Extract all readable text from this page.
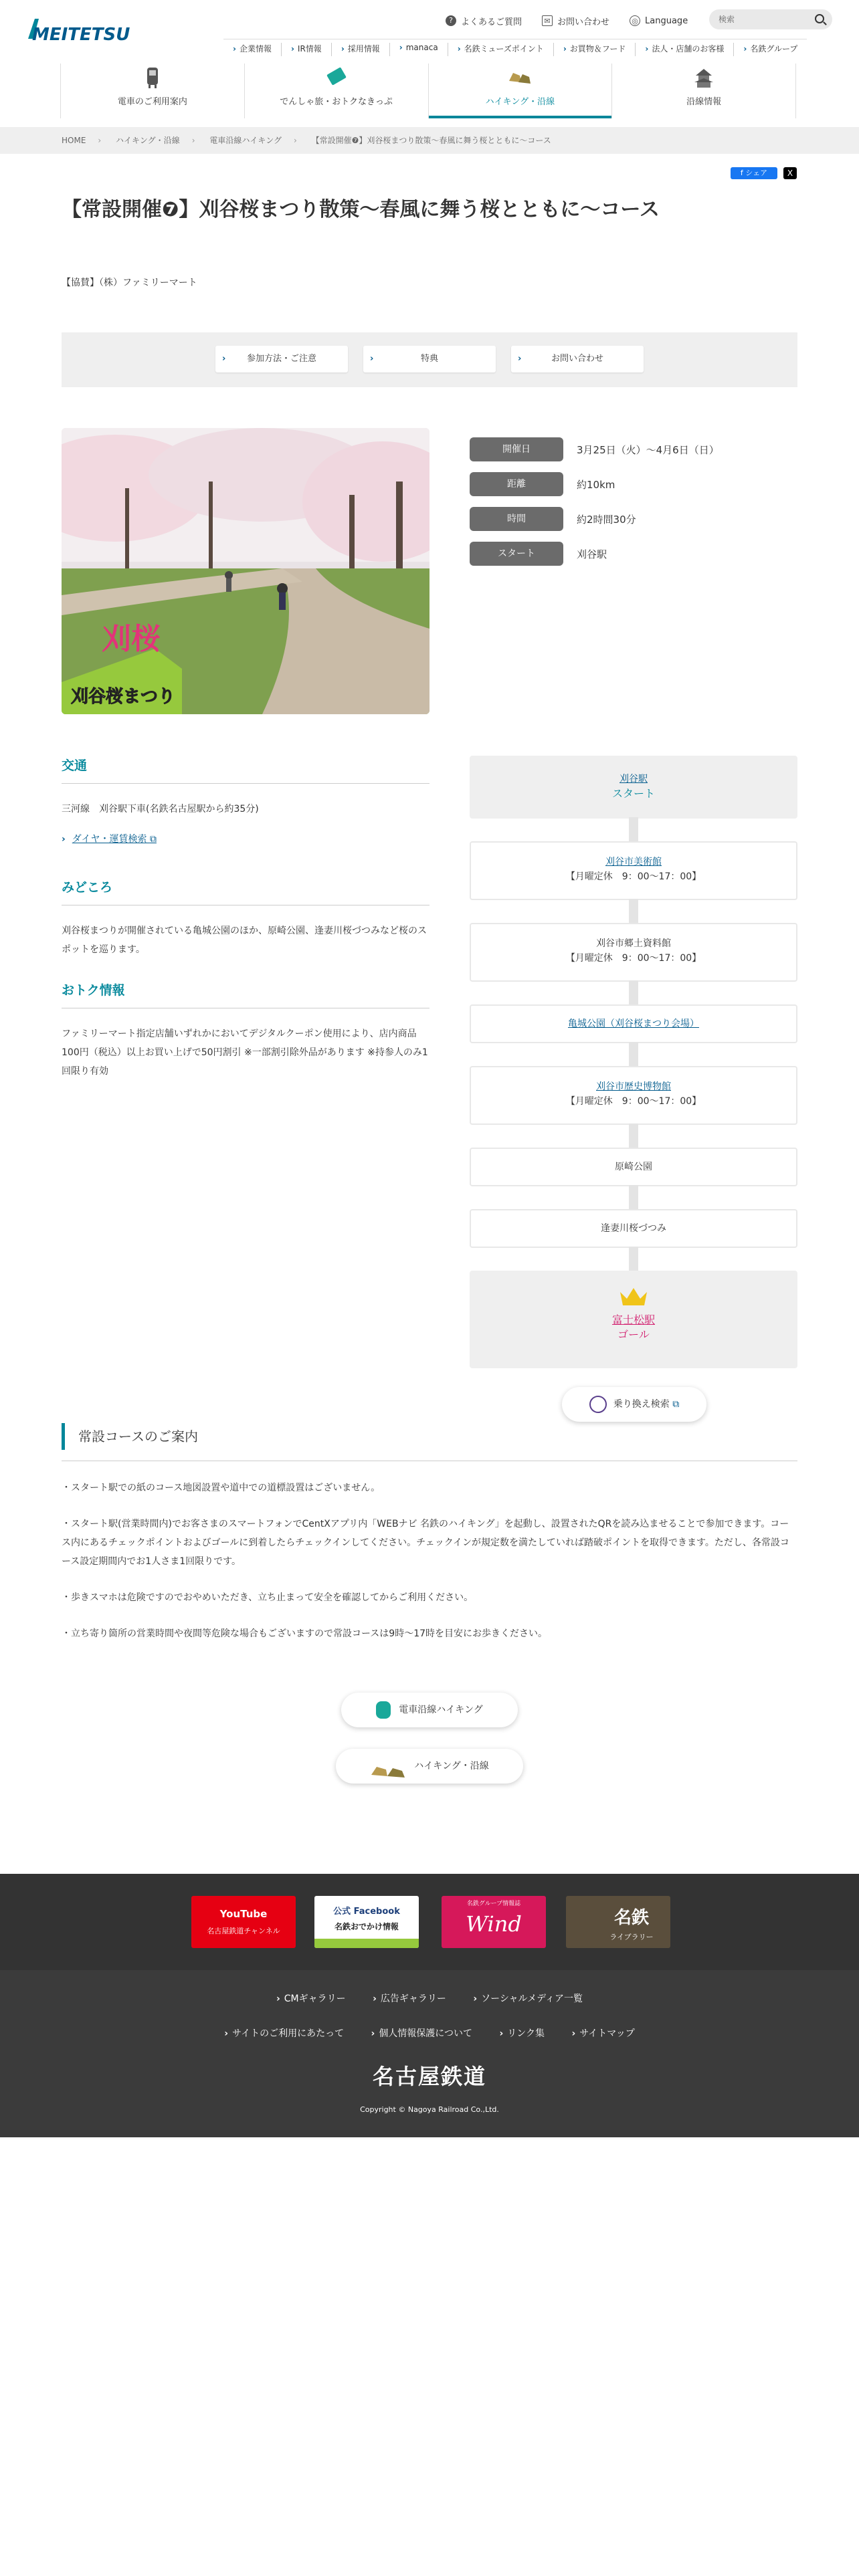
MEITETSU
? よくあるご質問	✉ お問い合わせ	◎ Language	検索
› 企業情報	› IR情報	› 採用情報	› manaca	› 名鉄ミューズポイント	› お買物＆フード	› 法人・店舗のお客様	› 名鉄グループ
電車のご利用案内	でんしゃ旅・おトクなきっぷ	ハイキング・沿線	沿線情報
HOME › ハイキング・沿線 › 電車沿線ハイキング › 【常設開催❼】刈谷桜まつり散策～春風に舞う桜とともに～コース
f シェア	X
【常設開催❼】刈谷桜まつり散策～春風に舞う桜とともに～コース
【協賛】（株）ファミリーマート
› 参加方法・ご注意	› 特典	› お問い合わせ
刈桜
刈谷桜まつり
開催日	3月25日（火）～4月6日（日）
距離	約10km
時間	約2時間30分
スタート	刈谷駅
交通

三河線　刈谷駅下車(名鉄名古屋駅から約35分)

› ダイヤ・運賃検索 ⧉
みどころ

刈谷桜まつりが開催されている亀城公園のほか、原崎公園、逢妻川桜づつみなど桜のスポットを巡ります。

おトク情報

ファミリーマート指定店舗いずれかにおいてデジタルクーポン使用により、店内商品100円（税込）以上お買い上げで50円割引 ※一部割引除外品があります ※持参人のみ1回限り有効

刈谷駅
スタート
刈谷市美術館
【月曜定休　9：00～17：00】
刈谷市郷土資料館
【月曜定休　9：00～17：00】
亀城公園（刈谷桜まつり会場）
刈谷市歴史博物館
【月曜定休　9：00～17：00】
原崎公園
逢妻川桜づつみ
富士松駅
ゴール
乗り換え検索 ⧉
常設コースのご案内

・スタート駅での紙のコース地図設置や道中での道標設置はございません。

・スタート駅(営業時間内)でお客さまのスマートフォンでCentXアプリ内「WEBナビ 名鉄のハイキング」を起動し、設置されたQRを読み込ませることで参加できます。コース内にあるチェックポイントおよびゴールに到着したらチェックインしてください。チェックインが規定数を満たしていれば踏破ポイントを取得できます。ただし、各常設コース設定期間内でお1人さま1回限りです。

・歩きスマホは危険ですのでおやめいただき、立ち止まって安全を確認してからご利用ください。

・立ち寄り箇所の営業時間や夜間等危険な場合もございますので常設コースは9時～17時を目安にお歩きください。

電車沿線ハイキング
ハイキング・沿線
YouTube
名古屋鉄道チャンネル
公式 Facebook
名鉄おでかけ情報
名鉄グループ情報誌
Wind	名鉄
ライブラリー
› CMギャラリー	› 広告ギャラリー	› ソーシャルメディア一覧
› サイトのご利用にあたって	› 個人情報保護について	› リンク集	› サイトマップ
名古屋鉄道
Copyright © Nagoya Railroad Co.,Ltd.
